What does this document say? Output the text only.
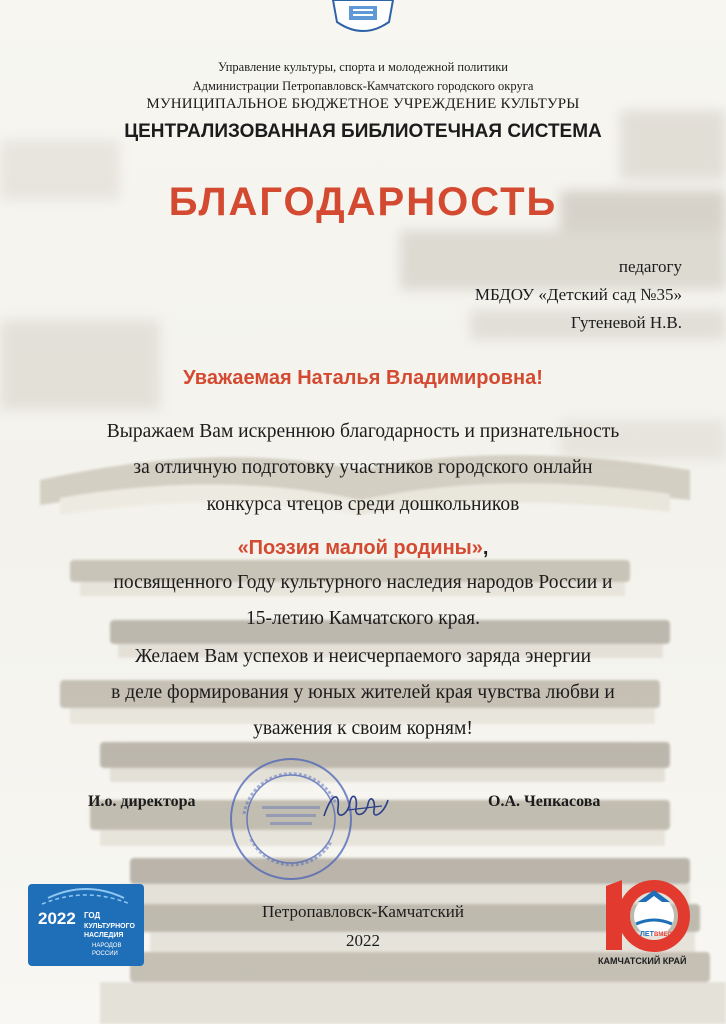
Управление культуры, спорта и молодежной политики
Администрации Петропавловск-Камчатского городского округа
МУНИЦИПАЛЬНОЕ БЮДЖЕТНОЕ УЧРЕЖДЕНИЕ КУЛЬТУРЫ
ЦЕНТРАЛИЗОВАННАЯ БИБЛИОТЕЧНАЯ СИСТЕМА
БЛАГОДАРНОСТЬ
педагогу
МБДОУ «Детский сад №35»
Гутеневой Н.В.
Уважаемая Наталья Владимировна!
Выражаем Вам искреннюю благодарность и признательность
за отличную подготовку участников городского онлайн
конкурса чтецов среди дошкольников
«Поэзия малой родины»,
посвященного Году культурного наследия народов России и
15-летию Камчатского края.
Желаем Вам успехов и неисчерпаемого заряда энергии
в деле формирования у юных жителей края чувства любви и
уважения к своим корням!
И.о. директора	О.А. Чепкасова
Петропавловск-Камчатский
2022
2022 ГОД
КУЛЬТУРНОГО
НАСЛЕДИЯ
НАРОДОВ
РОССИИ
ЛЕТ ВМЕСТЕ
КАМЧАТСКИЙ КРАЙ
